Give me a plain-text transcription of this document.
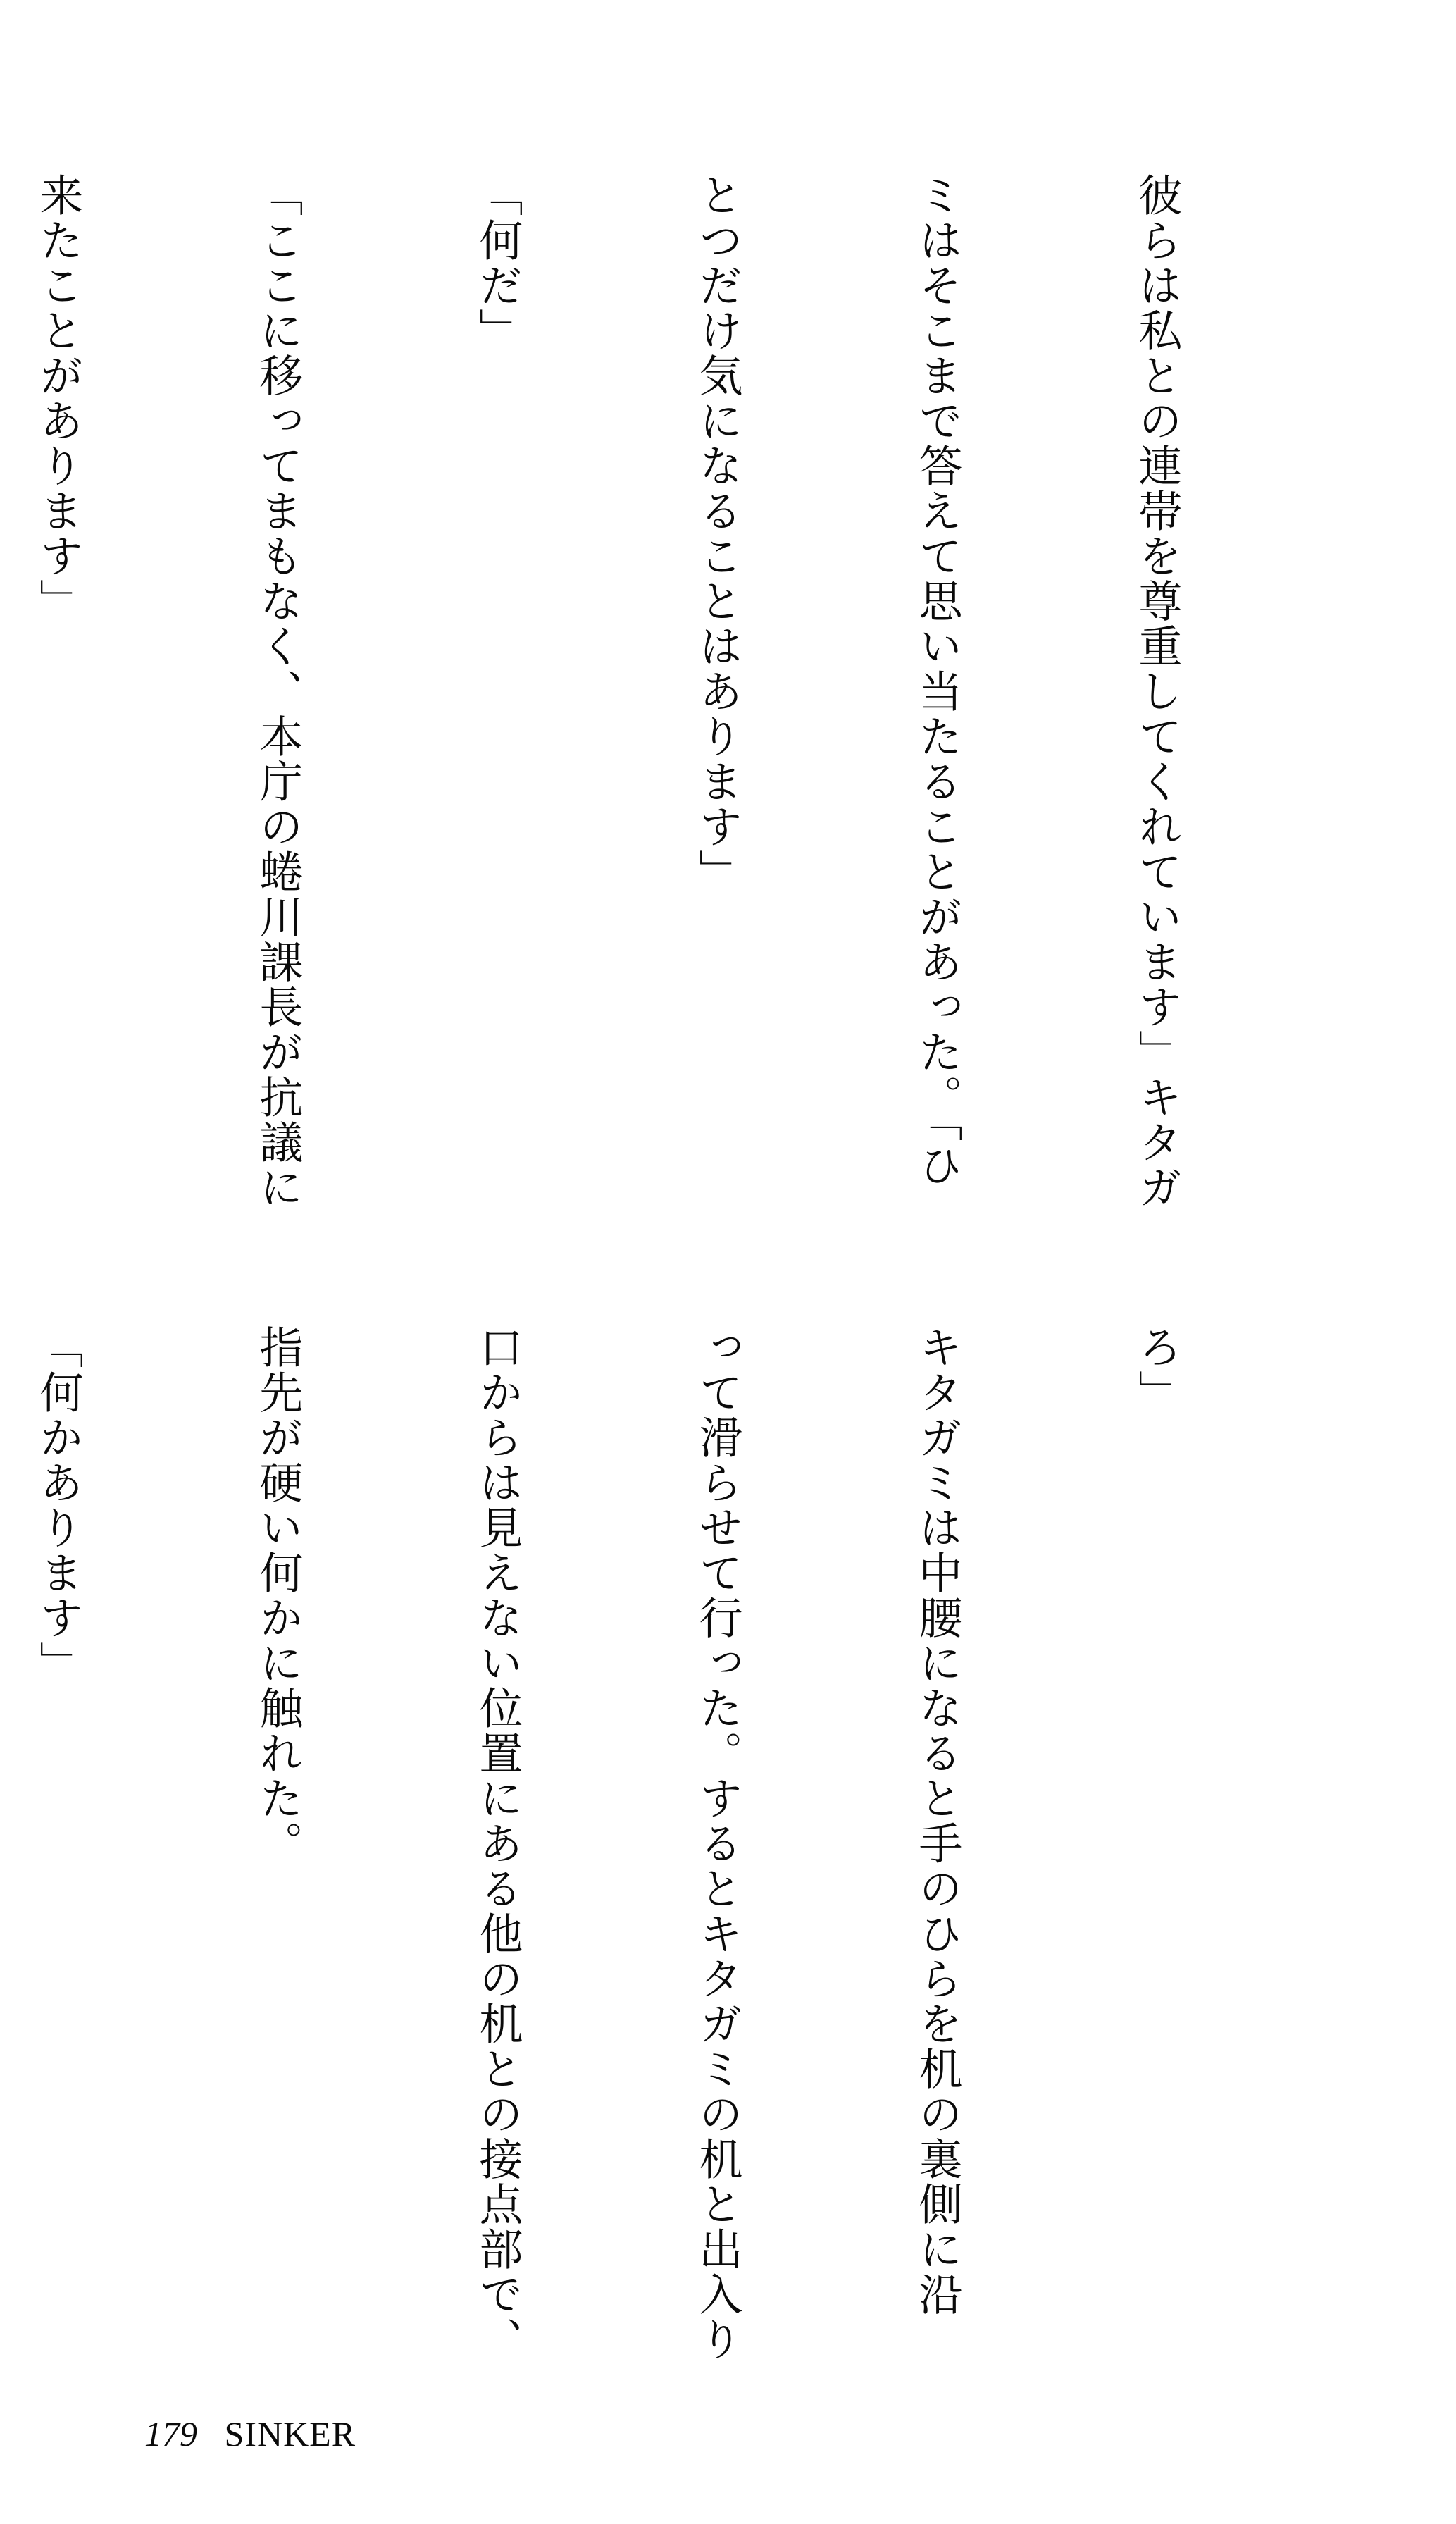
彼らは私との連帯を尊重してくれています」キタガ

ミはそこまで答えて思い当たることがあった。「ひ

とつだけ気になることはあります」

「何だ」

「ここに移ってまもなく、本庁の蜷川課長が抗議に

来たことがあります」

ろ」

キタガミは中腰になると手のひらを机の裏側に沿

って滑らせて行った。するとキタガミの机と出入り

口からは見えない位置にある他の机との接点部で、

指先が硬い何かに触れた。

「何かあります」

179 SINKER
